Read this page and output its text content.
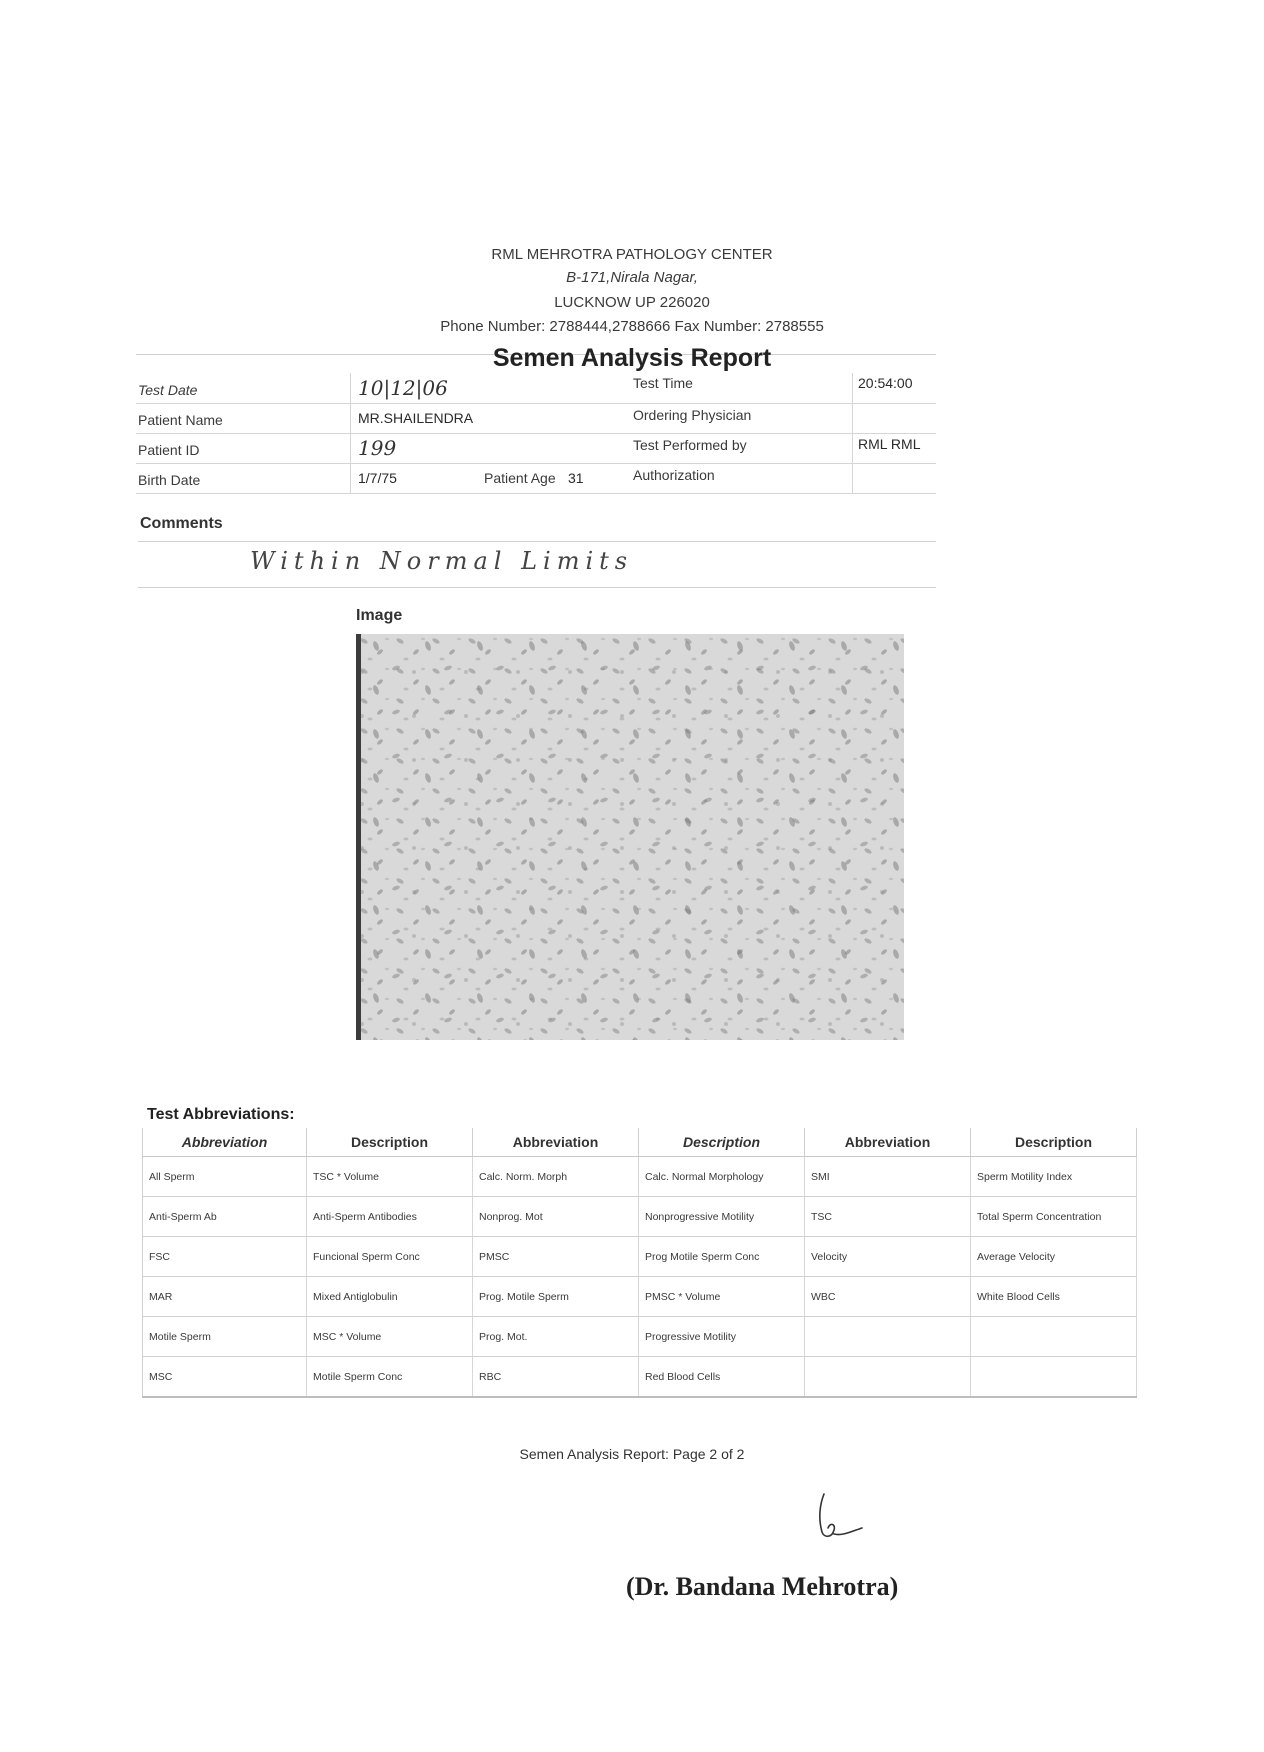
RML MEHROTRA PATHOLOGY CENTER
B-171,Nirala Nagar,
LUCKNOW UP 226020
Phone Number: 2788444,2788666 Fax Number: 2788555
Semen Analysis Report
Test Date	10|12|06	Test Time	20:54:00
Patient Name	MR.SHAILENDRA	Ordering Physician
Patient ID	199	Test Performed by	RML RML
Birth Date	1/7/75	Patient Age 31	Authorization
Comments
Within Normal Limits
Image
Test Abbreviations:
Abbreviation	Description	Abbreviation	Description	Abbreviation	Description
All Sperm	TSC * Volume	Calc. Norm. Morph	Calc. Normal Morphology	SMI	Sperm Motility Index
Anti-Sperm Ab	Anti-Sperm Antibodies	Nonprog. Mot	Nonprogressive Motility	TSC	Total Sperm Concentration
FSC	Funcional Sperm Conc	PMSC	Prog Motile Sperm Conc	Velocity	Average Velocity
MAR	Mixed Antiglobulin	Prog. Motile Sperm	PMSC * Volume	WBC	White Blood Cells
Motile Sperm	MSC * Volume	Prog. Mot.	Progressive Motility		
MSC	Motile Sperm Conc	RBC	Red Blood Cells		
Semen Analysis Report: Page 2 of 2
(Dr. Bandana Mehrotra)
